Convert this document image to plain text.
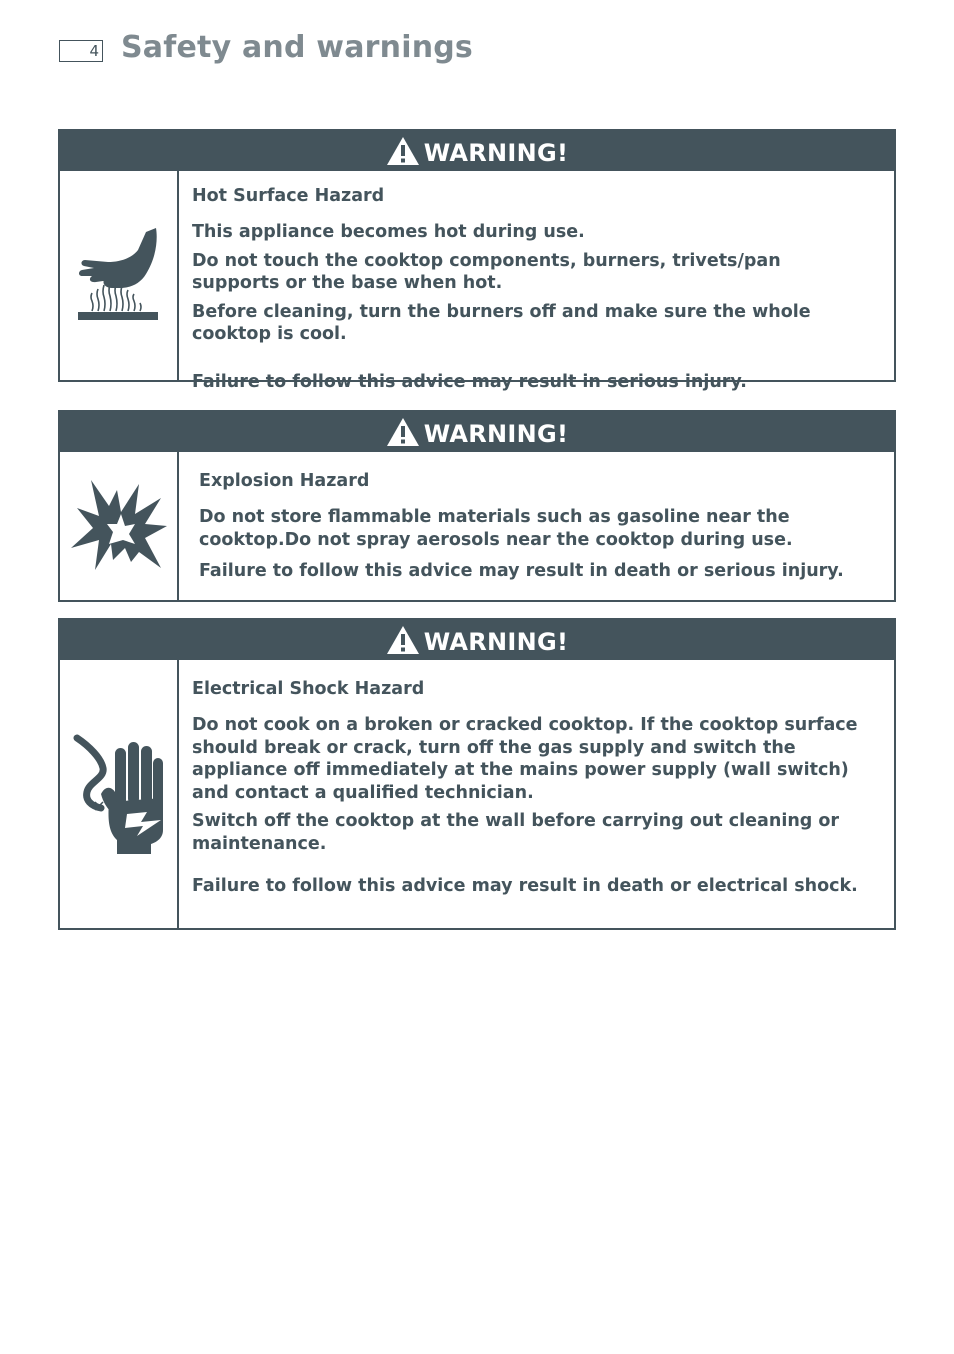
4 Safety and warnings
WARNING!

Hot Surface Hazard

This appliance becomes hot during use.

Do not touch the cooktop components, burners, trivets/pan supports or the base when hot.

Before cleaning, turn the burners off and make sure the whole cooktop is cool.

Failure to follow this advice may result in serious injury.

WARNING!

Explosion Hazard

Do not store flammable materials such as gasoline near the cooktop.Do not spray aerosols near the cooktop during use.

Failure to follow this advice may result in death or serious injury.

WARNING!

Electrical Shock Hazard

Do not cook on a broken or cracked cooktop. If the cooktop surface should break or crack, turn off the gas supply and switch the appliance off immediately at the mains power supply (wall switch) and contact a qualified technician.

Switch off the cooktop at the wall before carrying out cleaning or maintenance.

Failure to follow this advice may result in death or electrical shock.
